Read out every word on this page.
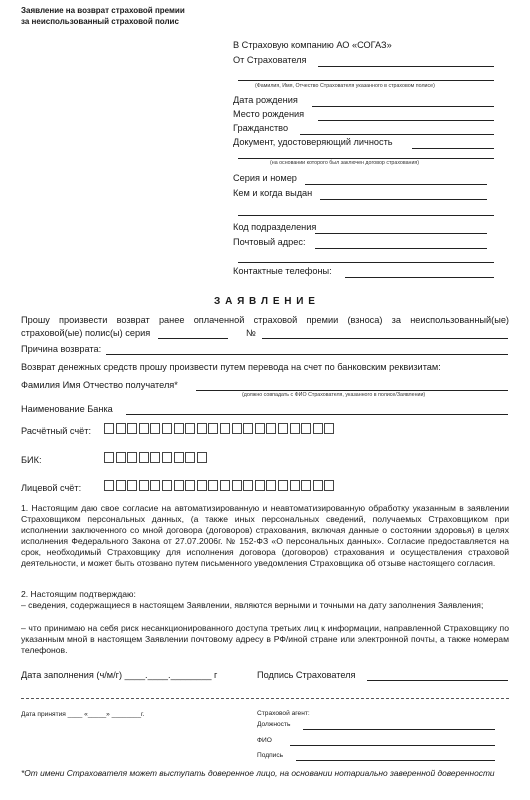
Заявление на возврат страховой премии
за неиспользованный страховой полис
В Страховую компанию АО «СОГАЗ»
От Страхователя
(Фамилия, Имя, Отчество Страхователя указанного в страховом полисе)
Дата рождения
Место рождения
Гражданство
Документ, удостоверяющий личность
(на основании которого был заключен договор страхования)
Серия и номер
Кем и когда выдан
Код подразделения
Почтовый адрес:
Контактные телефоны:
З А Я В Л Е Н И Е
Прошу произвести возврат ранее оплаченной страховой премии (взноса) за неиспользованный(ые)
страховой(ые) полис(ы) серия	№
Причина возврата:
Возврат денежных средств прошу произвести путем перевода на счет по банковским реквизитам:
Фамилия Имя Отчество получателя*
(должно совпадать с ФИО Страхователя, указанного в полисе/Заявлении)
Наименование Банка
Расчётный счёт:
БИК:
Лицевой счёт:
1. Настоящим даю свое согласие на автоматизированную и неавтоматизированную обработку указанным в заявлении Страховщиком персональных данных, (а также иных персональных сведений, получаемых Страховщиком при исполнении заключенного со мной договора (договоров) страхования, включая данные о состоянии здоровья) в целях исполнения Федерального Закона от 27.07.2006г. № 152-ФЗ «О персональных данных». Согласие предоставляется на срок, необходимый Страховщику для исполнения договора (договоров) страхования и осуществления страховой деятельности, и может быть отозвано путем письменного уведомления Страховщика об отзыве настоящего согласия.
2. Настоящим подтверждаю:
– сведения, содержащиеся в настоящем Заявлении, являются верными и точными на дату заполнения Заявления;
– что принимаю на себя риск несанкционированного доступа третьих лиц к информации, направленной Страховщику по указанным мной в настоящем Заявлении почтовому адресу в РФ/иной стране или электронной почты, а также номерам телефонов.
Дата заполнения (ч/м/г) ____.____.________ г	Подпись Страхователя
Дата принятия ____ «_____» ________г.	Страховой агент:
Должность
ФИО
Подпись
*От имени Страхователя может выступать доверенное лицо, на основании нотариально заверенной доверенности
